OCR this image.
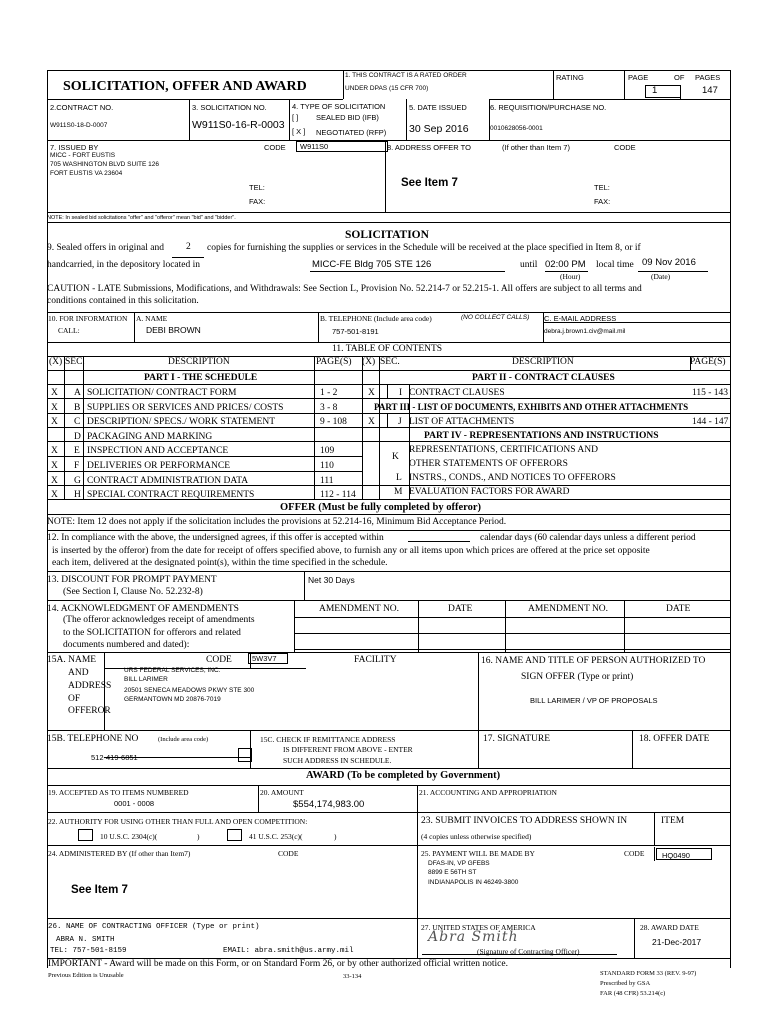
SOLICITATION, OFFER AND AWARD
1. THIS CONTRACT IS A RATED ORDER
UNDER DPAS (15 CFR 700)
RATING	PAGE	OF PAGES
1	147
2.CONTRACT NO.
W911S0-18-D-0007
3. SOLICITATION NO.
W911S0-16-R-0003
4. TYPE OF SOLICITATION
[ ] SEALED BID (IFB)
[ X ] NEGOTIATED (RFP)
5. DATE ISSUED
30 Sep 2016
6. REQUISITION/PURCHASE NO.
0010628056-0001
7. ISSUED BY
MICC - FORT EUSTIS
705 WASHINGTON BLVD SUITE 126
FORT EUSTIS VA 23604
CODE W911S0
TEL:
FAX:
8. ADDRESS OFFER TO	(If other than Item 7)	CODE
See Item 7	TEL:
FAX:
NOTE: In sealed bid solicitations "offer" and "offeror" mean "bid" and "bidder".
SOLICITATION
9. Sealed offers in original and 2 copies for furnishing the supplies or services in the Schedule will be received at the place specified in Item 8, or if
handcarried, in the depository located in	MICC-FE Bldg 705 STE 126	until 02:00 PM local time 09 Nov 2016
(Hour)	(Date)
CAUTION - LATE Submissions, Modifications, and Withdrawals: See Section L, Provision No. 52.214-7 or 52.215-1. All offers are subject to all terms and
conditions contained in this solicitation.
10. FOR INFORMATION
CALL:
A. NAME
DEBI BROWN
B. TELEPHONE (Include area code)	(NO COLLECT CALLS)
757-501-8191
C. E-MAIL ADDRESS
debra.j.brown1.civ@mail.mil
11. TABLE OF CONTENTS
(X) SEC.	DESCRIPTION	PAGE(S) (X) SEC.	DESCRIPTION	PAGE(S)
PART I - THE SCHEDULE	PART II - CONTRACT CLAUSES
X A SOLICITATION/ CONTRACT FORM	1 - 2
X B SUPPLIES OR SERVICES AND PRICES/ COSTS	3 - 8
X C DESCRIPTION/ SPECS./ WORK STATEMENT	9 - 108
D PACKAGING AND MARKING
X E INSPECTION AND ACCEPTANCE	109
X F DELIVERIES OR PERFORMANCE	110
X G CONTRACT ADMINISTRATION DATA	111
X H SPECIAL CONTRACT REQUIREMENTS	112 - 114
X	I CONTRACT CLAUSES	115 - 143
PART III - LIST OF DOCUMENTS, EXHIBITS AND OTHER ATTACHMENTS
X J LIST OF ATTACHMENTS	144 - 147
PART IV - REPRESENTATIONS AND INSTRUCTIONS
K
REPRESENTATIONS, CERTIFICATIONS AND
OTHER STATEMENTS OF OFFERORS
L INSTRS., CONDS., AND NOTICES TO OFFERORS
M EVALUATION FACTORS FOR AWARD
OFFER (Must be fully completed by offeror)
NOTE: Item 12 does not apply if the solicitation includes the provisions at 52.214-16, Minimum Bid Acceptance Period.
12. In compliance with the above, the undersigned agrees, if this offer is accepted within	calendar days (60 calendar days unless a different period
is inserted by the offeror) from the date for receipt of offers specified above, to furnish any or all items upon which prices are offered at the price set opposite
each item, delivered at the designated point(s), within the time specified in the schedule.
13. DISCOUNT FOR PROMPT PAYMENT
(See Section I, Clause No. 52.232-8)
Net 30 Days
14. ACKNOWLEDGMENT OF AMENDMENTS
(The offeror acknowledges receipt of amendments
to the SOLICITATION for offerors and related
documents numbered and dated):
AMENDMENT NO.	DATE	AMENDMENT NO.	DATE
15A. NAME
AND
ADDRESS
OF
OFFEROR
CODE	5W3V7	FACILITY
URS FEDERAL SERVICES, INC.
BILL LARIMER
20501 SENECA MEADOWS PKWY STE 300
GERMANTOWN MD 20876-7019
16. NAME AND TITLE OF PERSON AUTHORIZED TO
SIGN OFFER (Type or print)
BILL LARIMER / VP OF PROPOSALS
15B. TELEPHONE NO	(Include area code)
512-419-6851
15C. CHECK IF REMITTANCE ADDRESS
IS DIFFERENT FROM ABOVE - ENTER
SUCH ADDRESS IN SCHEDULE.
17. SIGNATURE	18. OFFER DATE
AWARD (To be completed by Government)
19. ACCEPTED AS TO ITEMS NUMBERED
0001 - 0008
20. AMOUNT
$554,174,983.00
21. ACCOUNTING AND APPROPRIATION
22. AUTHORITY FOR USING OTHER THAN FULL AND OPEN COMPETITION:
10 U.S.C. 2304(c)(	)	41 U.S.C. 253(c)(	)
23. SUBMIT INVOICES TO ADDRESS SHOWN IN
(4 copies unless otherwise specified)
ITEM
24. ADMINISTERED BY (If other than Item7)	CODE
See Item 7
25. PAYMENT WILL BE MADE BY	CODE HQ0490
DFAS-IN, VP GFEBS
8899 E 56TH ST
INDIANAPOLIS IN 46249-3800
26. NAME OF CONTRACTING OFFICER (Type or print)
ABRA N. SMITH
TEL: 757-501-8159	EMAIL: abra.smith@us.army.mil
27. UNITED STATES OF AMERICA
Abra Smith
(Signature of Contracting Officer)
28. AWARD DATE
21-Dec-2017
IMPORTANT - Award will be made on this Form, or on Standard Form 26, or by other authorized official written notice.
Previous Edition is Unusable	33-134	STANDARD FORM 33 (REV. 9-97)
Prescribed by GSA
FAR (48 CFR) 53.214(c)
